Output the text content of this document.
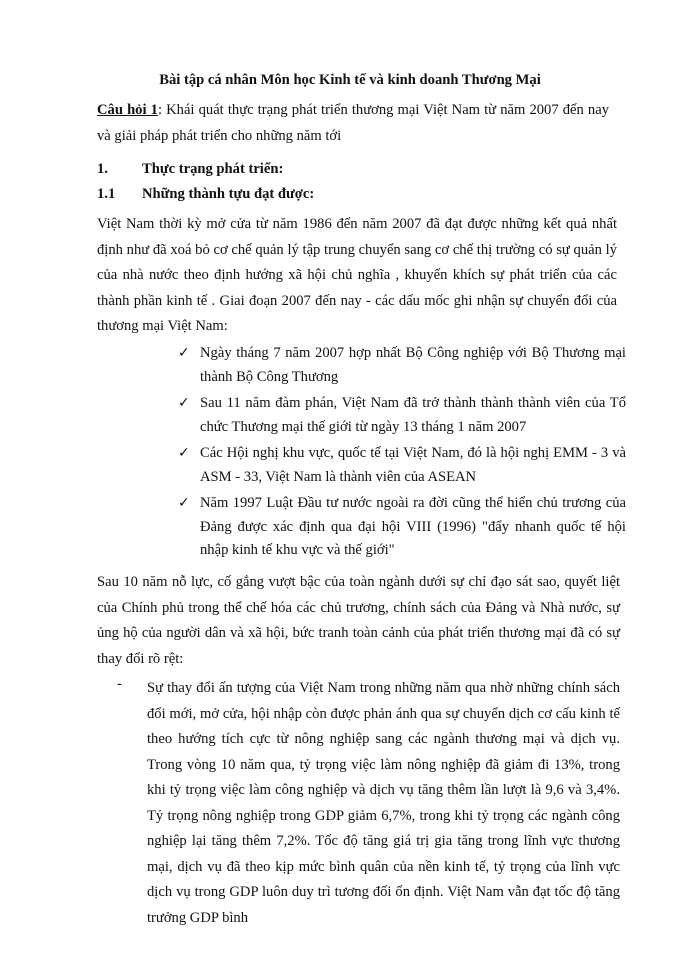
Bài tập cá nhân Môn học Kinh tế và kinh doanh Thương Mại
Câu hỏi 1: Khái quát thực trạng phát triển thương mại Việt Nam từ năm 2007 đến nay và giải pháp phát triển cho những năm tới
1. Thực trạng phát triển:
1.1 Những thành tựu đạt được:
Việt Nam thời kỳ mở cửa từ năm 1986 đến năm 2007 đã đạt được những kết quả nhất định như đã xoá bỏ cơ chế quản lý tập trung chuyển sang cơ chế thị trường có sự quản lý của nhà nước theo định hướng xã hội chủ nghĩa , khuyến khích sự phát triển của các thành phần kinh tế . Giai đoạn 2007 đến nay - các dấu mốc ghi nhận sự chuyển đổi của thương mại Việt Nam:
✓ Ngày tháng 7 năm 2007 hợp nhất Bộ Công nghiệp với Bộ Thương mại thành Bộ Công Thương
✓ Sau 11 năm đàm phán, Việt Nam đã trở thành thành thành viên của Tổ chức Thương mại thế giới từ ngày 13 tháng 1 năm 2007
✓ Các Hội nghị khu vực, quốc tế tại Việt Nam, đó là hội nghị EMM - 3 và ASM - 33, Việt Nam là thành viên của ASEAN
✓ Năm 1997 Luật Đầu tư nước ngoài ra đời cũng thể hiển chủ trương của Đảng được xác định qua đại hội VIII (1996) "đẩy nhanh quốc tế hội nhập kinh tế khu vực và thế giới"
Sau 10 năm nỗ lực, cố gắng vượt bậc của toàn ngành dưới sự chỉ đạo sát sao, quyết liệt của Chính phủ trong thể chế hóa các chủ trương, chính sách của Đảng và Nhà nước, sự ủng hộ của người dân và xã hội, bức tranh toàn cảnh của phát triển thương mại đã có sự thay đổi rõ rệt:
-	Sự thay đổi ấn tượng của Việt Nam trong những năm qua nhờ những chính sách đổi mới, mở cửa, hội nhập còn được phản ánh qua sự chuyển dịch cơ cấu kinh tế theo hướng tích cực từ nông nghiệp sang các ngành thương mại và dịch vụ. Trong vòng 10 năm qua, tỷ trọng việc làm nông nghiệp đã giảm đi 13%, trong khi tỷ trọng việc làm công nghiệp và dịch vụ tăng thêm lần lượt là 9,6 và 3,4%. Tỷ trọng nông nghiệp trong GDP giảm 6,7%, trong khi tỷ trọng các ngành công nghiệp lại tăng thêm 7,2%. Tốc độ tăng giá trị gia tăng trong lĩnh vực thương mại, dịch vụ đã theo kịp mức bình quân của nền kinh tế, tỷ trọng của lĩnh vực dịch vụ trong GDP luôn duy trì tương đối ổn định. Việt Nam vẫn đạt tốc độ tăng trưởng GDP bình
